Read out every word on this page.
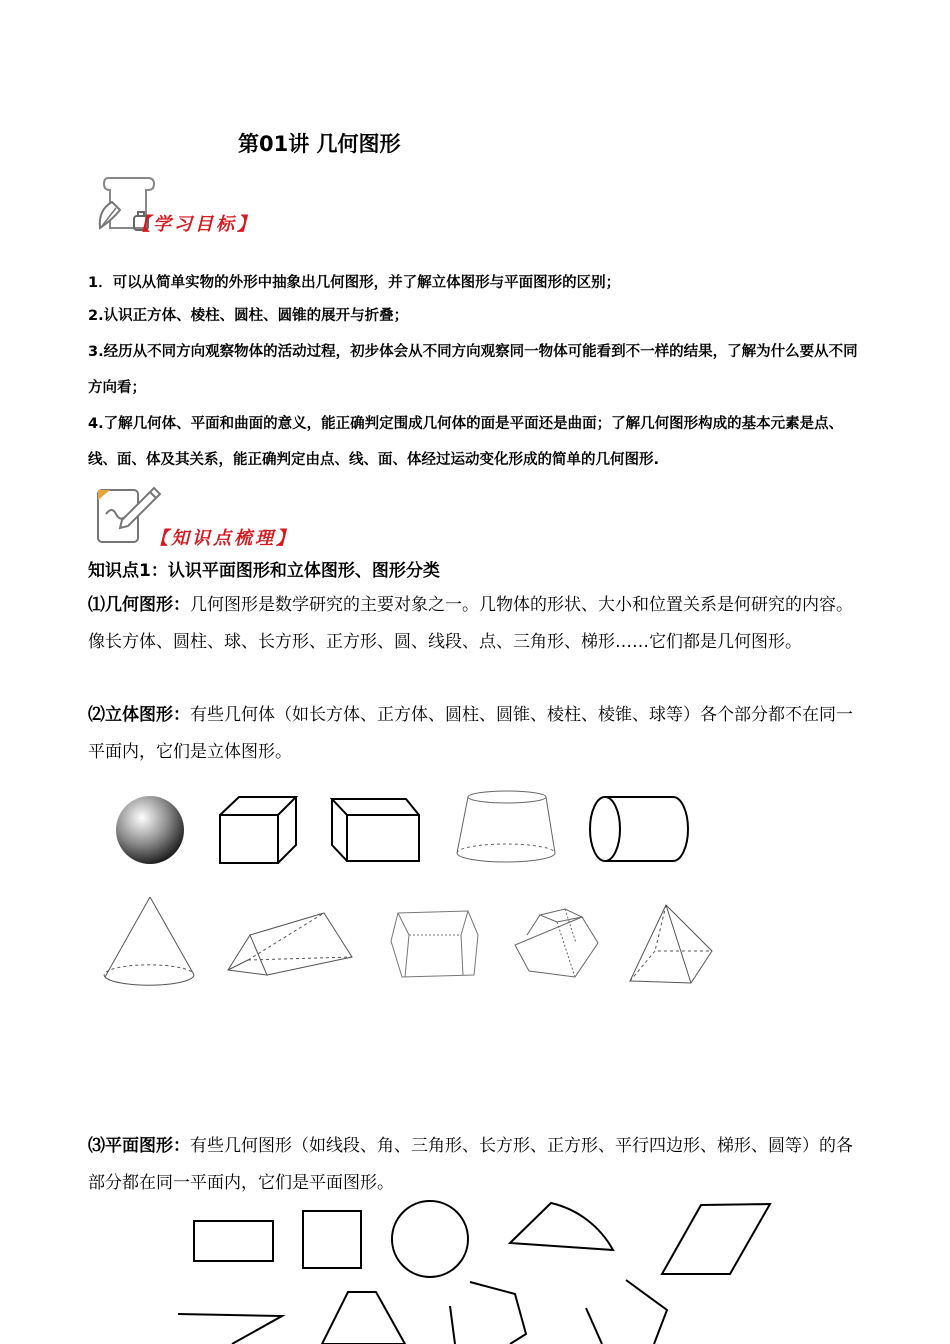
第01讲 几何图形
【学习目标】
1．可以从简单实物的外形中抽象出几何图形，并了解立体图形与平面图形的区别；
2.认识正方体、棱柱、圆柱、圆锥的展开与折叠；
3.经历从不同方向观察物体的活动过程，初步体会从不同方向观察同一物体可能看到不一样的结果，了解为什么要从不同方向看；
4.了解几何体、平面和曲面的意义，能正确判定围成几何体的面是平面还是曲面；了解几何图形构成的基本元素是点、线、面、体及其关系，能正确判定由点、线、面、体经过运动变化形成的简单的几何图形.
【知识点梳理】
知识点1：认识平面图形和立体图形、图形分类
⑴几何图形：几何图形是数学研究的主要对象之一。几物体的形状、大小和位置关系是何研究的内容。像长方体、圆柱、球、长方形、正方形、圆、线段、点、三角形、梯形……它们都是几何图形。
⑵立体图形：有些几何体（如长方体、正方体、圆柱、圆锥、棱柱、棱锥、球等）各个部分都不在同一平面内，它们是立体图形。
⑶平面图形：有些几何图形（如线段、角、三角形、长方形、正方形、平行四边形、梯形、圆等）的各部分都在同一平面内，它们是平面图形。
